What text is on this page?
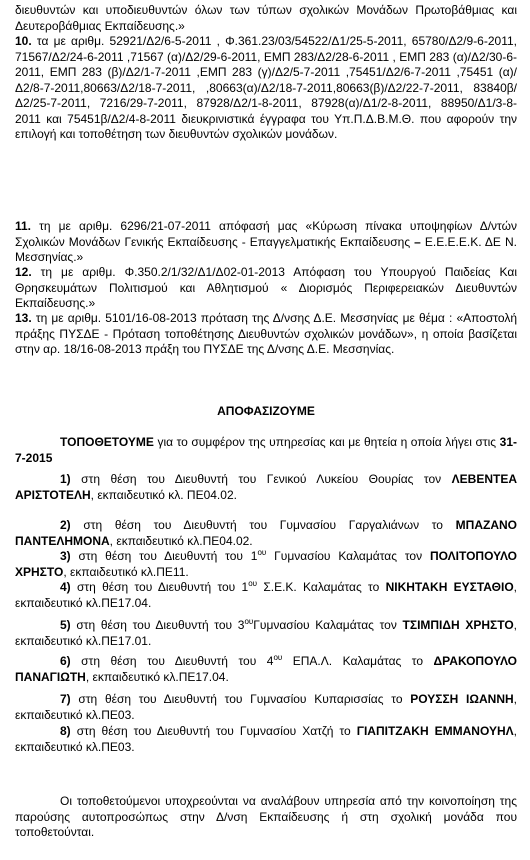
διευθυντών και υποδιευθυντών όλων των τύπων σχολικών Μονάδων Πρωτοβάθμιας και Δευτεροβάθμιας Εκπαίδευσης.»

10. τα με αριθμ. 52921/Δ2/6-5-2011 , Φ.361.23/03/54522/Δ1/25-5-2011, 65780/Δ2/9-6-2011, 71567/Δ2/24-6-2011 ,71567 (α)/Δ2/29-6-2011, ΕΜΠ 283/Δ2/28-6-2011 , ΕΜΠ 283 (α)/Δ2/30-6-2011, ΕΜΠ 283 (β)/Δ2/1-7-2011 ,ΕΜΠ 283 (γ)/Δ2/5-7-2011 ,75451/Δ2/6-7-2011 ,75451 (α)/Δ2/8-7-2011,80663/Δ2/18-7-2011, ,80663(α)/Δ2/18-7-2011,80663(β)/Δ2/22-7-2011, 83840β/Δ2/25-7-2011, 7216/29-7-2011, 87928/Δ2/1-8-2011, 87928(α)/Δ1/2-8-2011, 88950/Δ1/3-8-2011 και 75451β/Δ2/4-8-2011 διευκρινιστικά έγγραφα του Υπ.Π.Δ.Β.Μ.Θ. που αφορούν την επιλογή και τοποθέτηση των διευθυντών σχολικών μονάδων.

11. τη με αριθμ. 6296/21-07-2011 απόφασή μας «Κύρωση πίνακα υποψηφίων Δ/ντών Σχολικών Μονάδων Γενικής Εκπαίδευσης - Επαγγελματικής Εκπαίδευσης – Ε.Ε.Ε.Ε.Κ. ΔΕ Ν. Μεσσηνίας.»

12. τη με αριθμ. Φ.350.2/1/32/Δ1/Δ02-01-2013 Απόφαση του Υπουργού Παιδείας Και Θρησκευμάτων Πολιτισμού και Αθλητισμού « Διορισμός Περιφερειακών Διευθυντών Εκπαίδευσης.»

13. τη με αριθμ. 5101/16-08-2013 πρόταση της Δ/νσης Δ.Ε. Μεσσηνίας με θέμα : «Αποστολή πράξης ΠΥΣΔΕ - Πρόταση τοποθέτησης Διευθυντών σχολικών μονάδων», η οποία βασίζεται στην αρ. 18/16-08-2013 πράξη του ΠΥΣΔΕ της Δ/νσης Δ.Ε. Μεσσηνίας.

ΑΠΟΦΑΣΙΖΟΥΜΕ

ΤΟΠΟΘΕΤΟΥΜΕ για το συμφέρον της υπηρεσίας και με θητεία η οποία λήγει στις 31-7-2015

1) στη θέση του Διευθυντή του Γενικού Λυκείου Θουρίας τον ΛΕΒΕΝΤΕΑ ΑΡΙΣΤΟΤΕΛΗ, εκπαιδευτικό κλ. ΠΕ04.02.

2) στη θέση του Διευθυντή του Γυμνασίου Γαργαλιάνων το ΜΠΑΖΑΝΟ ΠΑΝΤΕΛΗΜΟΝΑ, εκπαιδευτικό κλ.ΠΕ04.02.

3) στη θέση του Διευθυντή του $1^{o\upsilon}$ Γυμνασίου Καλαμάτας τον ΠΟΛΙΤΟΠΟΥΛΟ ΧΡΗΣΤΟ, εκπαιδευτικό κλ.ΠΕ11.

4) στη θέση του Διευθυντή του $1^{o\upsilon}$ Σ.Ε.Κ. Καλαμάτας το ΝΙΚΗΤΑΚΗ ΕΥΣΤΑΘΙΟ, εκπαιδευτικό κλ.ΠΕ17.04.

5) στη θέση του Διευθυντή του $3^{o\upsilon}\Gamma\upsilon\mu\nu\alpha\sigma ίo\upsilon$ Καλαμάτας τον ΤΣΙΜΠΙΔΗ ΧΡΗΣΤΟ, εκπαιδευτικό κλ.ΠΕ17.01.

6) στη θέση του Διευθυντή του $4^{o\upsilon}$ ΕΠΑ.Λ. Καλαμάτας το ΔΡΑΚΟΠΟΥΛΟ ΠΑΝΑΓΙΩΤΗ, εκπαιδευτικό κλ.ΠΕ17.04.

7) στη θέση του Διευθυντή του Γυμνασίου Κυπαρισσίας το ΡΟΥΣΣΗ ΙΩΑΝΝΗ, εκπαιδευτικό κλ.ΠΕ03.

8) στη θέση του Διευθυντή του Γυμνασίου Χατζή το ΓΙΑΠΙΤΖΑΚΗ ΕΜΜΑΝΟΥΗΛ, εκπαιδευτικό κλ.ΠΕ03.

Οι τοποθετούμενοι υποχρεούνται να αναλάβουν υπηρεσία από την κοινοποίηση της παρούσης αυτοπροσώπως στην Δ/νση Εκπαίδευσης ή στη σχολική μονάδα που τοποθετούνται.
